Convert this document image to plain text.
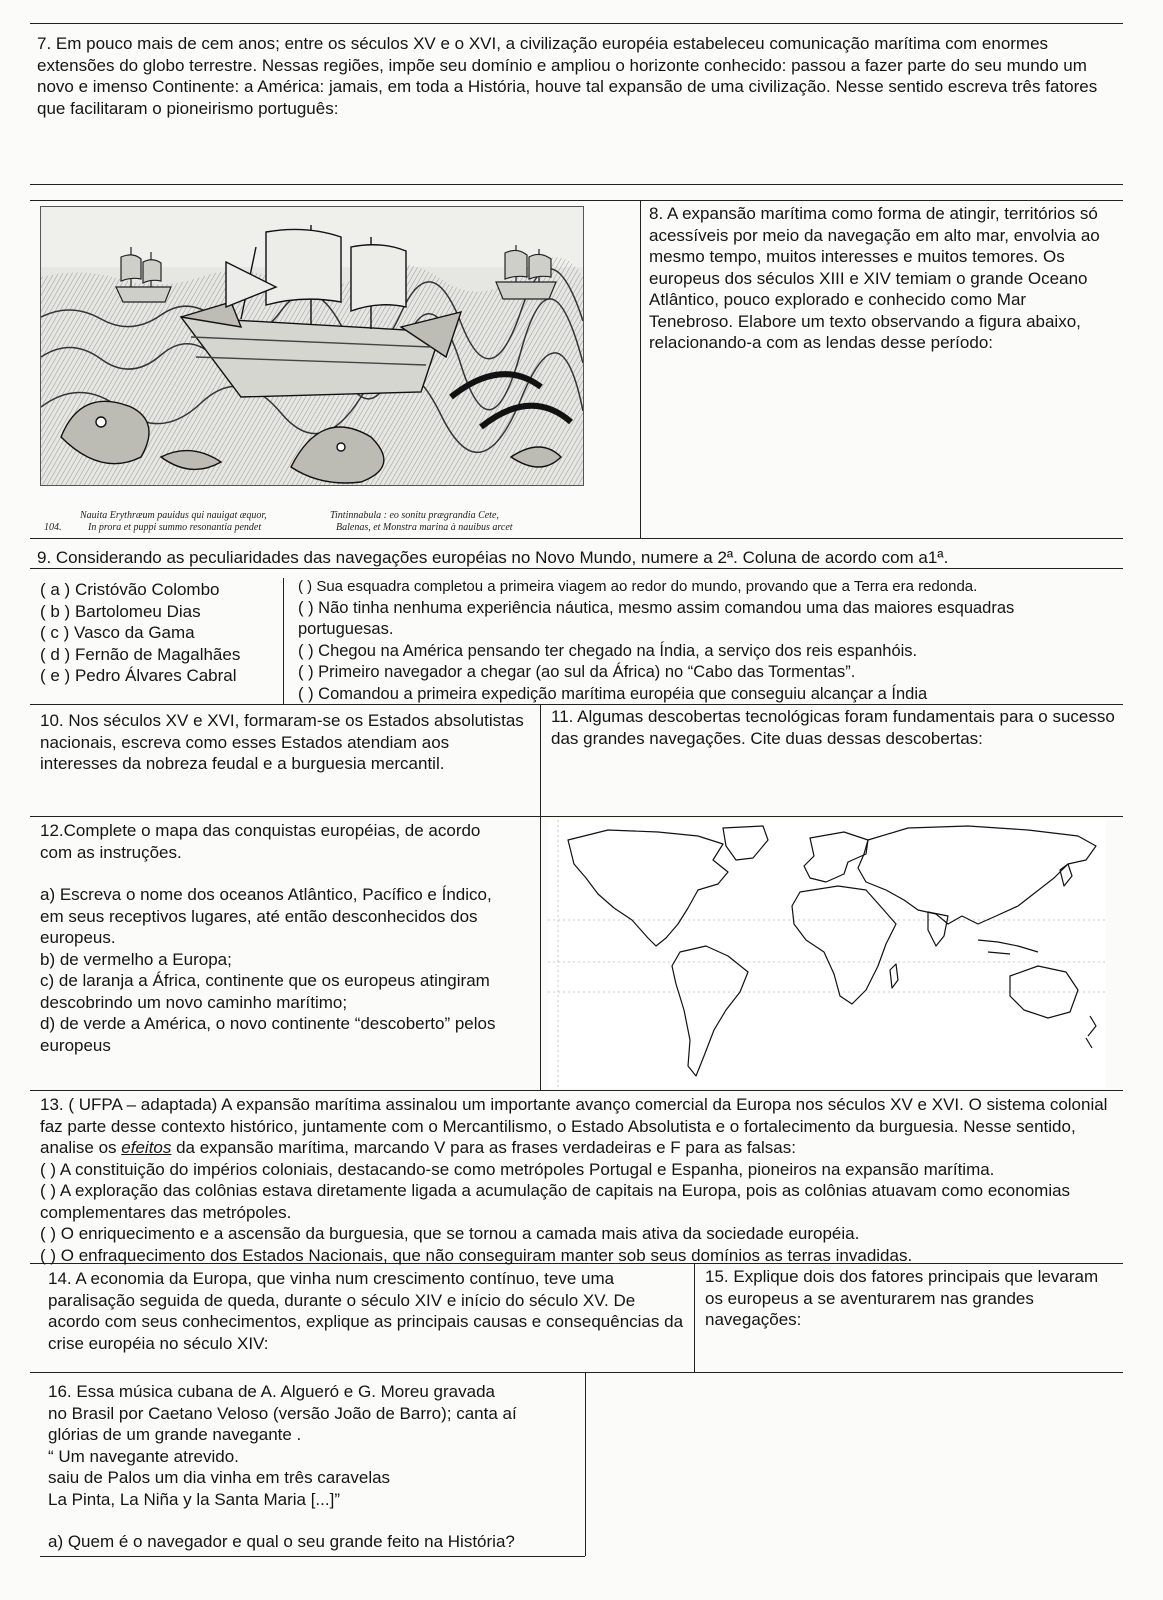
7. Em pouco mais de cem anos; entre os séculos XV e o XVI, a civilização européia estabeleceu comunicação marítima com enormes extensões do globo terrestre. Nessas regiões, impõe seu domínio e ampliou o horizonte conhecido: passou a fazer parte do seu mundo um novo e imenso Continente: a América: jamais, em toda a História, houve tal expansão de uma civilização. Nesse sentido escreva três fatores que facilitaram o pioneirismo português:

104.
Nauita Erythræum pauidus qui nauigat æquor,
In prora et puppi summo resonantia pendet
Tintinnabula : eo sonitu prægrandia Cete,
Balenas, et Monstra marina à nauibus arcet

8. A expansão marítima como forma de atingir, territórios só acessíveis por meio da navegação em alto mar, envolvia ao mesmo tempo, muitos interesses e muitos temores. Os europeus dos séculos XIII e XIV temiam o grande Oceano Atlântico, pouco explorado e conhecido como Mar Tenebroso. Elabore um texto observando a figura abaixo, relacionando-a com as lendas desse período:

9. Considerando as peculiaridades das navegações européias no Novo Mundo, numere a 2ª. Coluna de acordo com a1ª.

( a ) Cristóvão Colombo

( b ) Bartolomeu Dias

( c ) Vasco da Gama

( d ) Fernão de Magalhães

( e ) Pedro Álvares Cabral

( ) Sua esquadra completou a primeira viagem ao redor do mundo, provando que a Terra era redonda.

( ) Não tinha nenhuma experiência náutica, mesmo assim comandou uma das maiores esquadras portuguesas.

( ) Chegou na América pensando ter chegado na Índia, a serviço dos reis espanhóis.

( ) Primeiro navegador a chegar (ao sul da África) no “Cabo das Tormentas”.

( ) Comandou a primeira expedição marítima européia que conseguiu alcançar a Índia

10. Nos séculos XV e XVI, formaram-se os Estados absolutistas nacionais, escreva como esses Estados atendiam aos interesses da nobreza feudal e a burguesia mercantil.

11. Algumas descobertas tecnológicas foram fundamentais para o sucesso das grandes navegações. Cite duas dessas descobertas:

12.Complete o mapa das conquistas européias, de acordo com as instruções.

a) Escreva o nome dos oceanos Atlântico, Pacífico e Índico, em seus receptivos lugares, até então desconhecidos dos europeus.

b) de vermelho a Europa;

c) de laranja a África, continente que os europeus atingiram descobrindo um novo caminho marítimo;

d) de verde a América, o novo continente “descoberto” pelos europeus

13. ( UFPA – adaptada) A expansão marítima assinalou um importante avanço comercial da Europa nos séculos XV e XVI. O sistema colonial faz parte desse contexto histórico, juntamente com o Mercantilismo, o Estado Absolutista e o fortalecimento da burguesia. Nesse sentido, analise os efeitos da expansão marítima, marcando V para as frases verdadeiras e F para as falsas:

( ) A constituição do impérios coloniais, destacando-se como metrópoles Portugal e Espanha, pioneiros na expansão marítima.

( ) A exploração das colônias estava diretamente ligada a acumulação de capitais na Europa, pois as colônias atuavam como economias complementares das metrópoles.

( ) O enriquecimento e a ascensão da burguesia, que se tornou a camada mais ativa da sociedade européia.

( ) O enfraquecimento dos Estados Nacionais, que não conseguiram manter sob seus domínios as terras invadidas.

14. A economia da Europa, que vinha num crescimento contínuo, teve uma paralisação seguida de queda, durante o século XIV e início do século XV. De acordo com seus conhecimentos, explique as principais causas e consequências da crise européia no século XIV:

15. Explique dois dos fatores principais que levaram os europeus a se aventurarem nas grandes navegações:

16. Essa música cubana de A. Algueró e G. Moreu gravada

no Brasil por Caetano Veloso (versão João de Barro); canta aí

glórias de um grande navegante .

“ Um navegante atrevido.

saiu de Palos um dia vinha em três caravelas

La Pinta, La Niña y la Santa Maria [...]”

a) Quem é o navegador e qual o seu grande feito na História?
